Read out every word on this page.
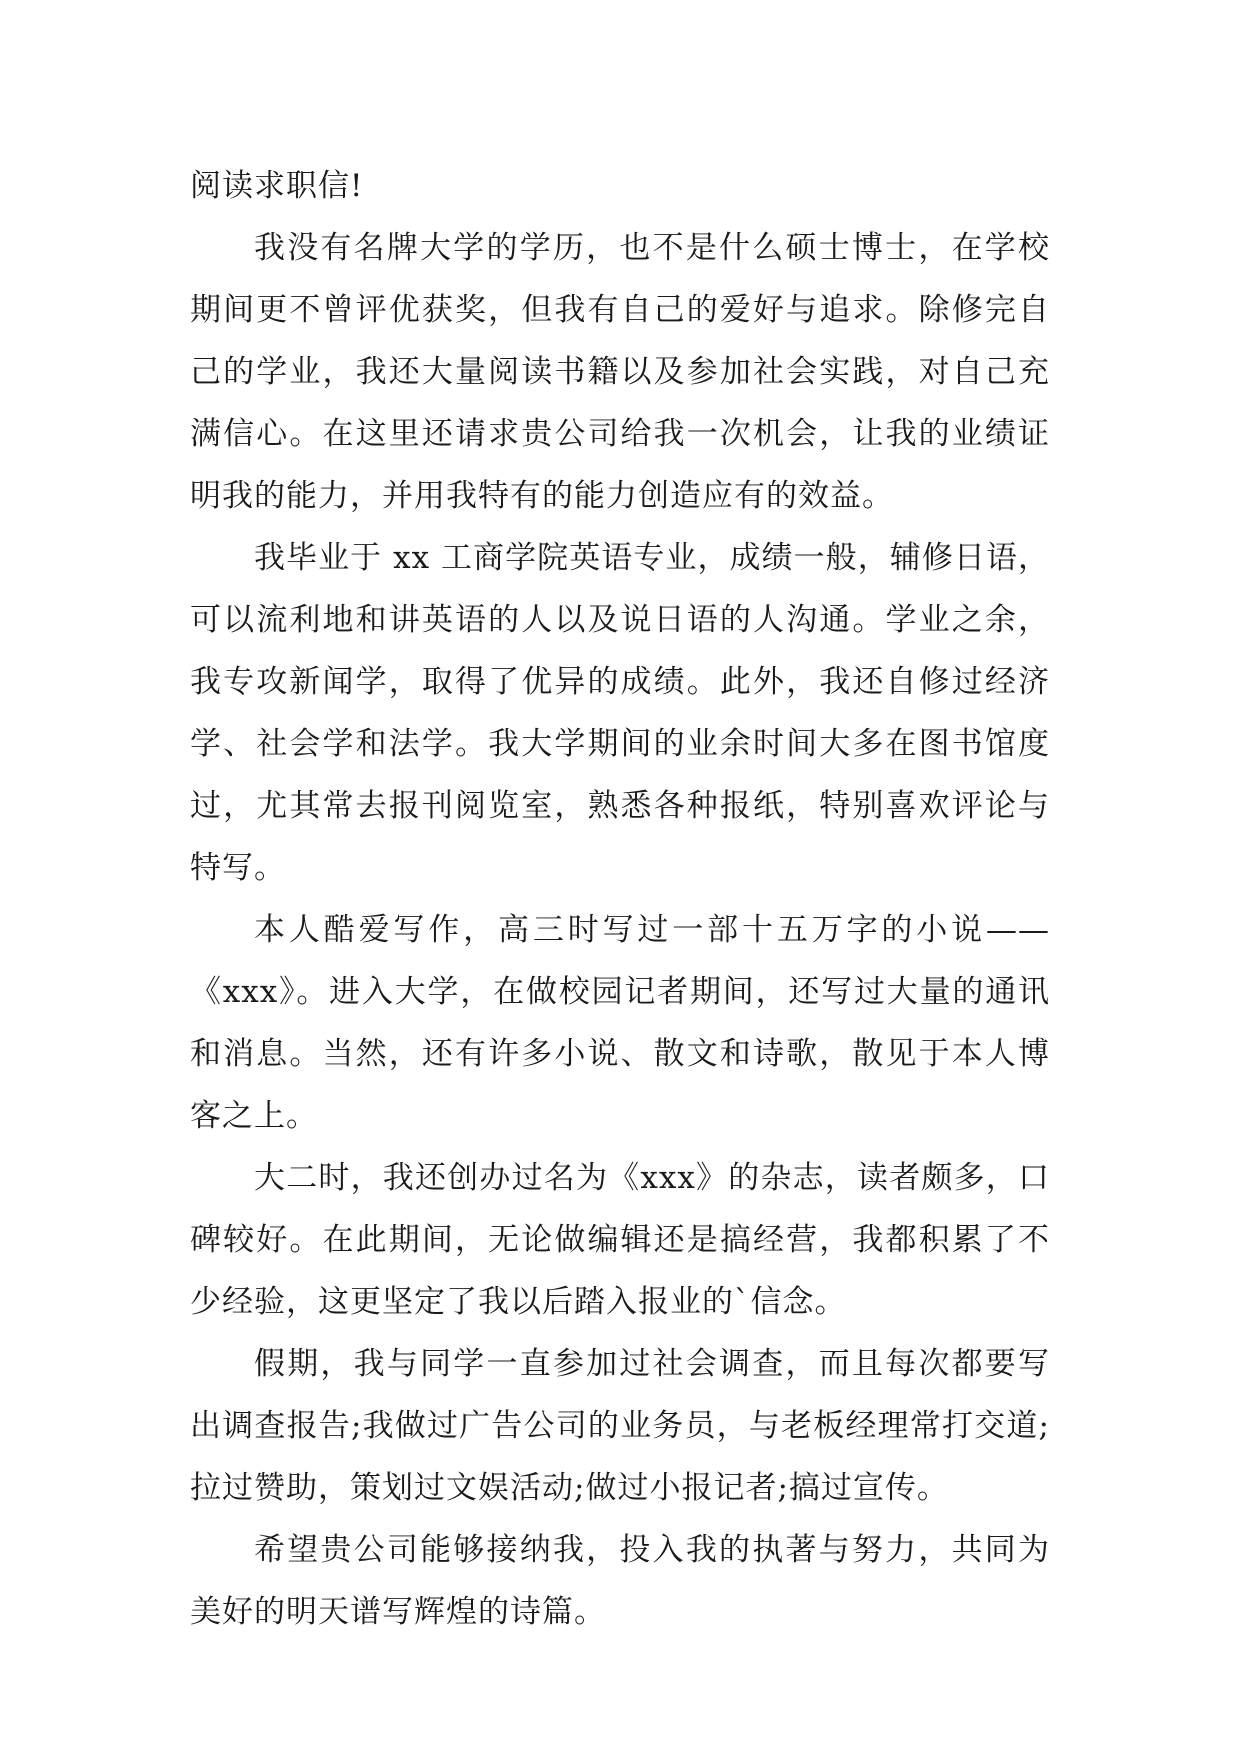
阅读求职信!

我没有名牌大学的学历，也不是什么硕士博士，在学校期间更不曾评优获奖，但我有自己的爱好与追求。除修完自己的学业，我还大量阅读书籍以及参加社会实践，对自己充满信心。在这里还请求贵公司给我一次机会，让我的业绩证明我的能力，并用我特有的能力创造应有的效益。

我毕业于 xx 工商学院英语专业，成绩一般，辅修日语，可以流利地和讲英语的人以及说日语的人沟通。学业之余，我专攻新闻学，取得了优异的成绩。此外，我还自修过经济学、社会学和法学。我大学期间的业余时间大多在图书馆度过，尤其常去报刊阅览室，熟悉各种报纸，特别喜欢评论与特写。

本人酷爱写作，高三时写过一部十五万字的小说——《xxx》。进入大学，在做校园记者期间，还写过大量的通讯和消息。当然，还有许多小说、散文和诗歌，散见于本人博客之上。

大二时，我还创办过名为《xxx》的杂志，读者颇多，口碑较好。在此期间，无论做编辑还是搞经营，我都积累了不少经验，这更坚定了我以后踏入报业的`信念。

假期，我与同学一直参加过社会调查，而且每次都要写出调查报告;我做过广告公司的业务员，与老板经理常打交道;拉过赞助，策划过文娱活动;做过小报记者;搞过宣传。

希望贵公司能够接纳我，投入我的执著与努力，共同为美好的明天谱写辉煌的诗篇。
